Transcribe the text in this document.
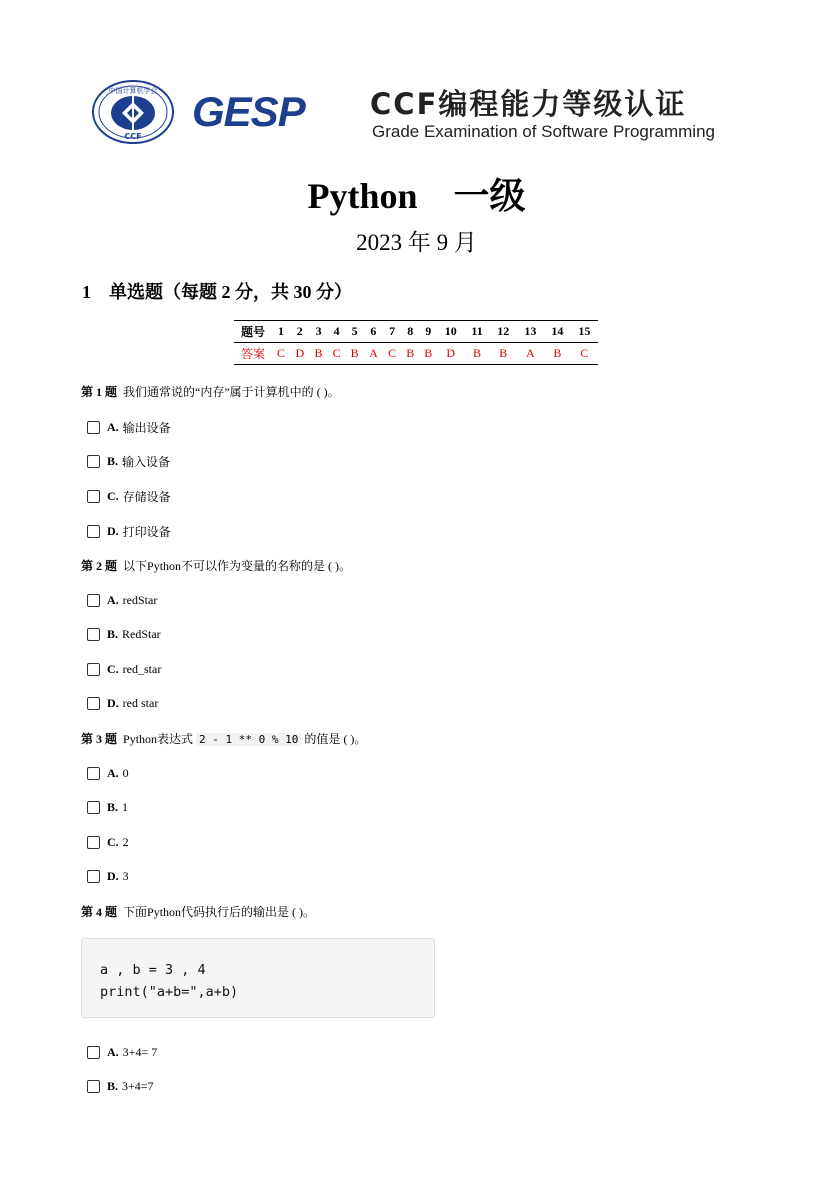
中国计算机学会
CCF
GESP CCF编程能力等级认证
Grade Examination of Software Programming
Python　一级
2023 年 9 月
1　单选题（每题 2 分，共 30 分）
题号	1	2	3	4	5	6	7	8	9	10	11	12	13	14	15
答案	C	D	B	C	B	A	C	B	B	D	B	B	A	B	C
第 1 题 我们通常说的“内存”属于计算机中的 ( )。
A. 输出设备
B. 输入设备
C. 存储设备
D. 打印设备
第 2 题 以下Python不可以作为变量的名称的是 ( )。
A. redStar
B. RedStar
C. red_star
D. red star
第 3 题 Python表达式 2 - 1 ** 0 % 10 的值是 ( )。
A. 0
B. 1
C. 2
D. 3
第 4 题 下面Python代码执行后的输出是 ( )。
a , b = 3 , 4
print("a+b=",a+b)
A. 3+4= 7
B. 3+4=7
